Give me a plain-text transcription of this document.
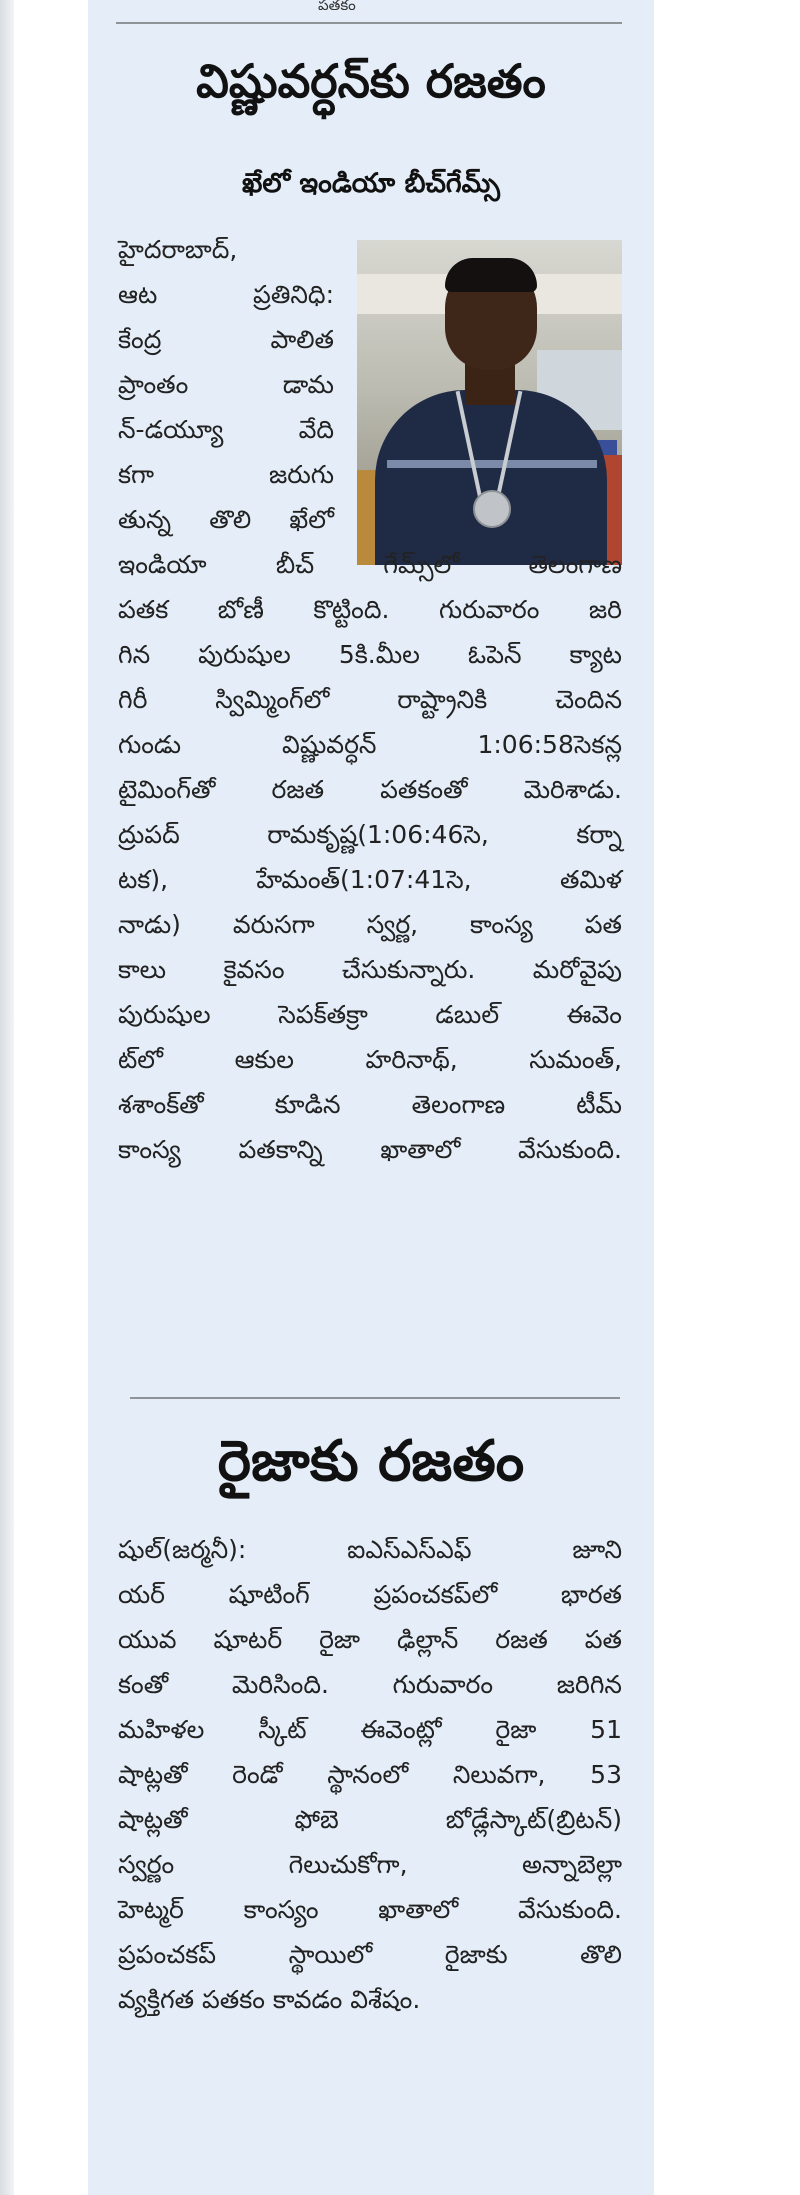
పతకం
విష్ణువర్ధన్‌కు రజతం
ఖేలో ఇండియా బీచ్‌గేమ్స్‌
హైదరాబాద్,
ఆట ప్రతినిధి:
కేంద్ర పాలిత
ప్రాంతం డామ
న్‌-డయ్యూ వేది
కగా జరుగు
తున్న తొలి ఖేలో
ఇండియా బీచ్ గేమ్స్‌లో తెలంగాణ
పతక బోణీ కొట్టింది. గురువారం జరి
గిన పురుషుల 5కి.మీల ఓపెన్ క్యాట
గిరీ స్విమ్మింగ్‌లో రాష్ట్రానికి చెందిన
గుండు విష్ణువర్ధన్ 1:06:58సెకన్ల
టైమింగ్‌తో రజత పతకంతో మెరిశాడు.
ద్రుపద్ రామకృష్ణ(1:06:46సె, కర్నా
టక), హేమంత్(1:07:41సె, తమిళ
నాడు) వరుసగా స్వర్ణ, కాంస్య పత
కాలు కైవసం చేసుకున్నారు. మరోవైపు
పురుషుల సెపక్‌తక్రా డబుల్ ఈవెం
ట్‌లో ఆకుల హరినాథ్, సుమంత్,
శశాంక్‌తో కూడిన తెలంగాణ టీమ్
కాంస్య పతకాన్ని ఖాతాలో వేసుకుంది.
రైజాకు రజతం
షుల్(జర్మనీ): ఐఎస్ఎస్‌ఎఫ్ జూని
యర్ షూటింగ్ ప్రపంచకప్‌లో భారత
యువ షూటర్ రైజా ఢిల్లాన్ రజత పత
కంతో మెరిసింది. గురువారం జరిగిన
మహిళల స్కీట్ ఈవెంట్లో రైజా 51
షాట్లతో రెండో స్థానంలో నిలువగా, 53
షాట్లతో ఫోబె బోడ్లేస్కాట్(బ్రిటన్)
స్వర్ణం గెలుచుకోగా, అన్నాబెల్లా
హెట్మర్ కాంస్యం ఖాతాలో వేసుకుంది.
ప్రపంచకప్ స్థాయిలో రైజాకు తొలి
వ్యక్తిగత పతకం కావడం విశేషం.
